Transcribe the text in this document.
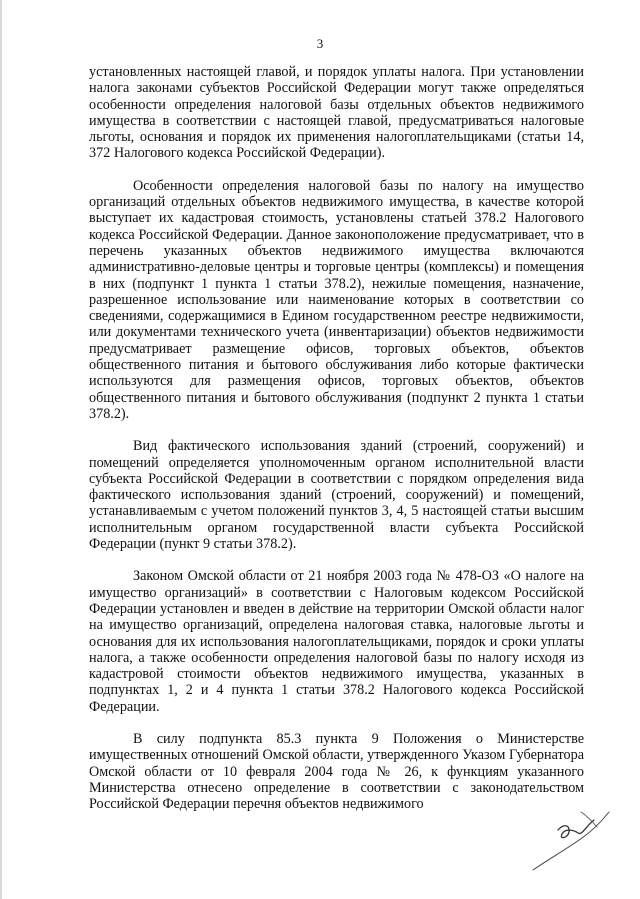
3

установленных настоящей главой, и порядок уплаты налога. При установлении налога законами субъектов Российской Федерации могут также определяться особенности определения налоговой базы отдельных объектов недвижимого имущества в соответствии с настоящей главой, предусматриваться налоговые льготы, основания и порядок их применения налогоплательщиками (статьи 14, 372 Налогового кодекса Российской Федерации).

Особенности определения налоговой базы по налогу на имущество организаций отдельных объектов недвижимого имущества, в качестве которой выступает их кадастровая стоимость, установлены статьей 378.2 Налогового кодекса Российской Федерации. Данное законоположение предусматривает, что в перечень указанных объектов недвижимого имущества включаются административно-деловые центры и торговые центры (комплексы) и помещения в них (подпункт 1 пункта 1 статьи 378.2), нежилые помещения, назначение, разрешенное использование или наименование которых в соответствии со сведениями, содержащимися в Едином государственном реестре недвижимости, или документами технического учета (инвентаризации) объектов недвижимости предусматривает размещение офисов, торговых объектов, объектов общественного питания и бытового обслуживания либо которые фактически используются для размещения офисов, торговых объектов, объектов общественного питания и бытового обслуживания (подпункт 2 пункта 1 статьи 378.2).

Вид фактического использования зданий (строений, сооружений) и помещений определяется уполномоченным органом исполнительной власти субъекта Российской Федерации в соответствии с порядком определения вида фактического использования зданий (строений, сооружений) и помещений, устанавливаемым с учетом положений пунктов 3, 4, 5 настоящей статьи высшим исполнительным органом государственной власти субъекта Российской Федерации (пункт 9 статьи 378.2).

Законом Омской области от 21 ноября 2003 года № 478-ОЗ «О налоге на имущество организаций» в соответствии с Налоговым кодексом Российской Федерации установлен и введен в действие на территории Омской области налог на имущество организаций, определена налоговая ставка, налоговые льготы и основания для их использования налогоплательщиками, порядок и сроки уплаты налога, а также особенности определения налоговой базы по налогу исходя из кадастровой стоимости объектов недвижимого имущества, указанных в подпунктах 1, 2 и 4 пункта 1 статьи 378.2 Налогового кодекса Российской Федерации.

В силу подпункта 85.3 пункта 9 Положения о Министерстве имущественных отношений Омской области, утвержденного Указом Губернатора Омской области от 10 февраля 2004 года № 26, к функциям указанного Министерства отнесено определение в соответствии с законодательством Российской Федерации перечня объектов недвижимого
